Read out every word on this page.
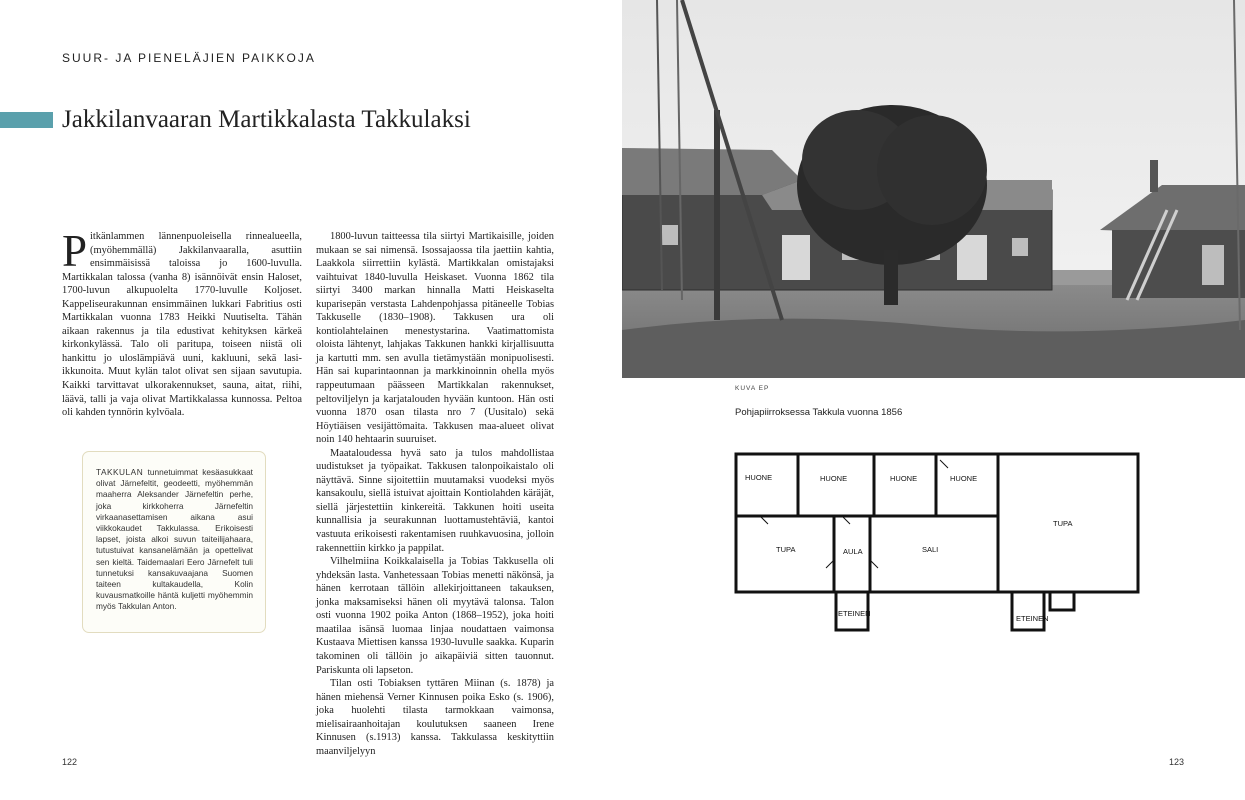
SUUR- JA PIENELÄJIEN PAIKKOJA
Jakkilanvaaran Martikkalasta Takkulaksi

Pitkänlammen lännenpuoleisella rinnealueella, (myöhemmällä) Jakkilanvaaralla, asuttiin ensimmäisissä taloissa jo 1600-luvulla. Martikkalan talossa (vanha 8) isännöivät ensin Haloset, 1700-luvun alkupuolelta 1770-luvulle Koljoset. Kappeliseurakunnan ensimmäinen lukkari Fabritius osti Martikkalan vuonna 1783 Heikki Nuutiselta. Tähän aikaan rakennus ja tila edustivat kehityksen kärkeä kirkonkylässä. Talo oli paritupa, toiseen niistä oli hankittu jo uloslämpiävä uuni, kakluuni, sekä lasi-ikkunoita. Muut kylän talot olivat sen sijaan savutupia. Kaikki tarvittavat ulkorakennukset, sauna, aitat, riihi, läävä, talli ja vaja olivat Martikkalassa kunnossa. Peltoa oli kahden tynnörin kylvöala.

TAKKULAN tunnetuimmat kesäasukkaat olivat Järnefeltit, geodeetti, myöhemmän maaherra Aleksander Järnefeltin perhe, joka kirkkoherra Järnefeltin virkaanasettamisen aikana asui viikkokaudet Takkulassa. Erikoisesti lapset, joista alkoi suvun taiteilijahaara, tutustuivat kansanelämään ja opettelivat sen kieltä. Taidemaalari Eero Järnefelt tuli tunnetuksi kansakuvaajana Suomen taiteen kultakaudella, Kolin kuvausmatkoille häntä kuljetti myöhemmin myös Takkulan Anton.

1800-luvun taitteessa tila siirtyi Martikaisille, joiden mukaan se sai nimensä. Isossajaossa tila jaettiin kahtia, Laakkola siirrettiin kylästä. Martikkalan omistajaksi vaihtuivat 1840-luvulla Heiskaset. Vuonna 1862 tila siirtyi 3400 markan hinnalla Matti Heiskaselta kuparisepän verstasta Lahdenpohjassa pitäneelle Tobias Takkuselle (1830–1908). Takkusen ura oli kontiolahtelainen menestystarina. Vaatimattomista oloista lähtenyt, lahjakas Takkunen hankki kirjallisuutta ja kartutti mm. sen avulla tietämystään monipuolisesti. Hän sai kuparintaonnan ja markkinoinnin ohella myös rappeutumaan päässeen Martikkalan rakennukset, peltoviljelyn ja karjatalouden hyvään kuntoon. Hän osti vuonna 1870 osan tilasta nro 7 (Uusitalo) sekä Höytiäisen vesijättömaita. Takkusen maa-alueet olivat noin 140 hehtaarin suuruiset.

Maataloudessa hyvä sato ja tulos mahdollistaa uudistukset ja työpaikat. Takkusen talonpoikaistalo oli näyttävä. Sinne sijoitettiin muutamaksi vuodeksi myös kansakoulu, siellä istuivat ajoittain Kontiolahden käräjät, siellä järjestettiin kinkereitä. Takkunen hoiti useita kunnallisia ja seurakunnan luottamustehtäviä, kantoi vastuuta erikoisesti rakentamisen ruuhkavuosina, jolloin rakennettiin kirkko ja pappilat.

Vilhelmiina Koikkalaisella ja Tobias Takkusella oli yhdeksän lasta. Vanhetessaan Tobias menetti näkönsä, ja hänen kerrotaan tällöin allekirjoittaneen takauksen, jonka maksamiseksi hänen oli myytävä talonsa. Talon osti vuonna 1902 poika Anton (1868–1952), joka hoiti maatilaa isänsä luomaa linjaa noudattaen vaimonsa Kustaava Miettisen kanssa 1930-luvulle saakka. Kuparin takominen oli tällöin jo aikapäiviä sitten tauonnut. Pariskunta oli lapseton.

Tilan osti Tobiaksen tyttären Miinan (s. 1878) ja hänen miehensä Verner Kinnusen poika Esko (s. 1906), joka huolehti tilasta tarmokkaan vaimonsa, mielisairaanhoitajan koulutuksen saaneen Irene Kinnusen (s.1913) kanssa. Takkulassa keskityttiin maanviljelyyn

KUVA EP
Pohjapiirroksessa Takkula vuonna 1856
HUONE	HUONE	HUONE	HUONE
TUPA
TUPA	AULA	SALI
ETEINEN
ETEINEN
122	123
